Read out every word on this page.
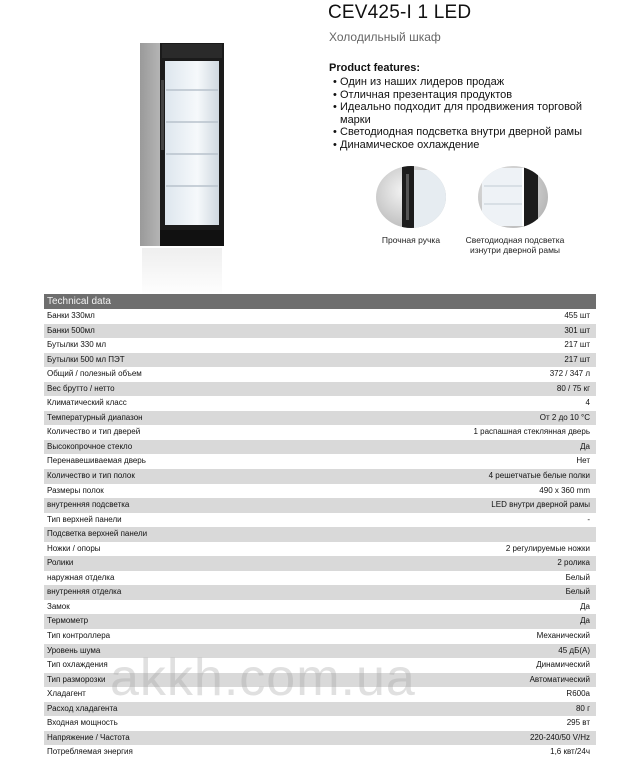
CEV425-I 1 LED
Холодильный шкаф
Product features:
• Один из наших лидеров продаж
• Отличная презентация продуктов
• Идеально подходит для продвижения торговой марки
• Светодиодная подсветка внутри дверной рамы
• Динамическое охлаждение
Прочная ручка	Светодиодная подсветка изнутри дверной рамы
Technical data
Банки 330мл	455 шт
Банки 500мл	301 шт
Бутылки 330 мл	217 шт
Бутылки 500 мл ПЭТ	217 шт
Общий / полезный объем	372 / 347 л
Вес брутто / нетто	80 / 75 кг
Климатический класс	4
Температурный диапазон	От 2 до 10 °C
Количество и тип дверей	1 распашная стеклянная дверь
Высокопрочное стекло	Да
Перенавешиваемая дверь	Нет
Количество и тип полок	4 решетчатые белые полки
Размеры полок	490 x 360 mm
внутренняя подсветка	LED внутри дверной рамы
Тип верхней панели	-
Подсветка верхней панели
Ножки / опоры	2 регулируемые ножки
Ролики	2 ролика
наружная отделка	Белый
внутренняя отделка	Белый
Замок	Да
Термометр	Да
Тип контроллера	Механический
Уровень шума	45 дБ(А)
Тип охлаждения	Динамический
Тип разморозки	Автоматический
Хладагент	R600a
Расход хладагента	80 г
Входная мощность	295 вт
Напряжение / Частота	220-240/50 V/Hz
Потребляемая энергия	1,6 квт/24ч
akkh.com.ua
